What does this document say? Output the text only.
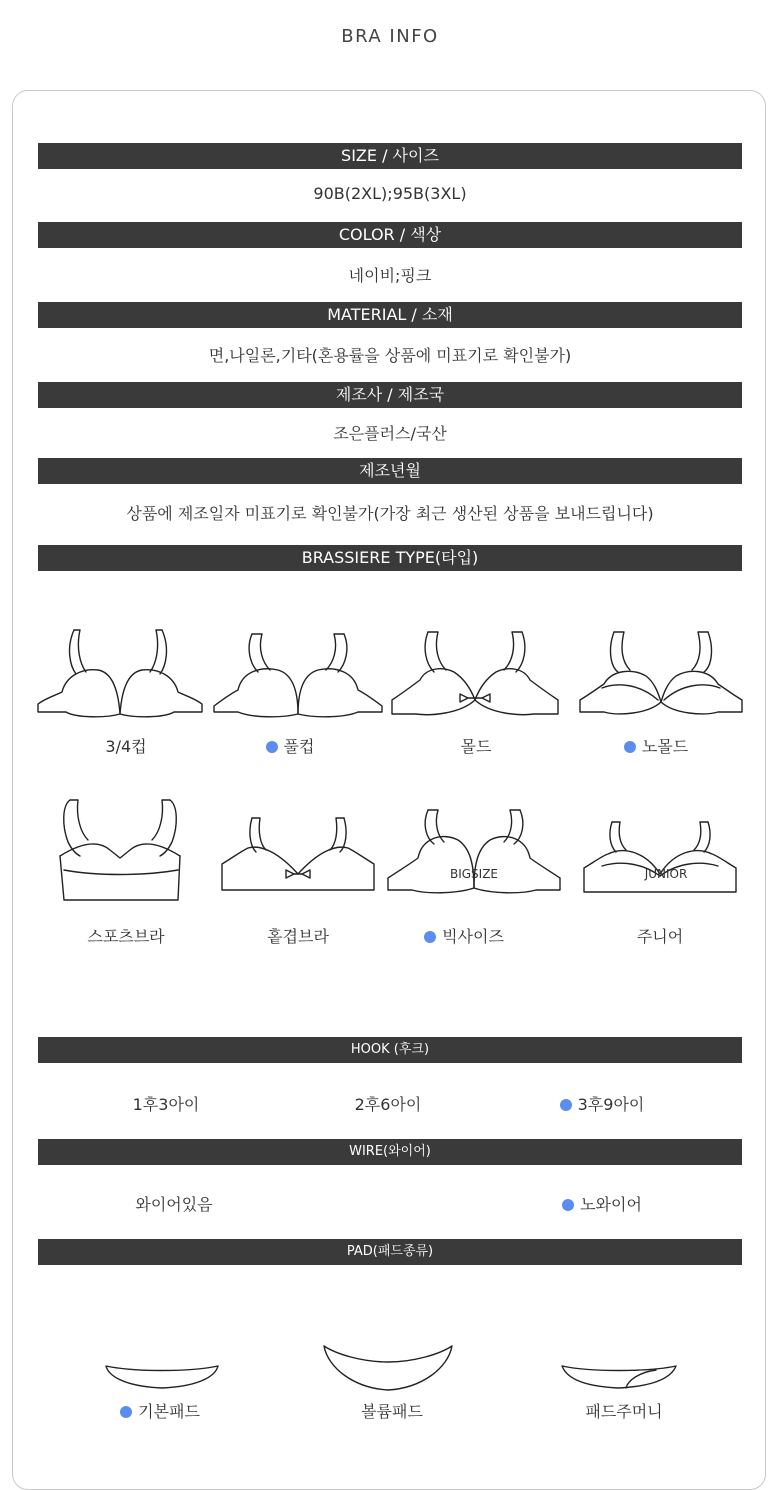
BRA INFO
SIZE / 사이즈
90B(2XL);95B(3XL)
COLOR / 색상
네이비;핑크
MATERIAL / 소재
면,나일론,기타(혼용률을 상품에 미표기로 확인불가)
제조사 / 제조국
조은플러스/국산
제조년월
상품에 제조일자 미표기로 확인불가(가장 최근 생산된 상품을 보내드립니다)
BRASSIERE TYPE(타입)
3/4컵	풀컵	몰드	노몰드
BIGSIZE	JUNIOR
스포츠브라	홑겹브라	빅사이즈	주니어
HOOK (후크)
1후3아이	2후6아이	3후9아이
WIRE(와이어)
와이어있음	노와이어
PAD(패드종류)
기본패드	볼륨패드	패드주머니
